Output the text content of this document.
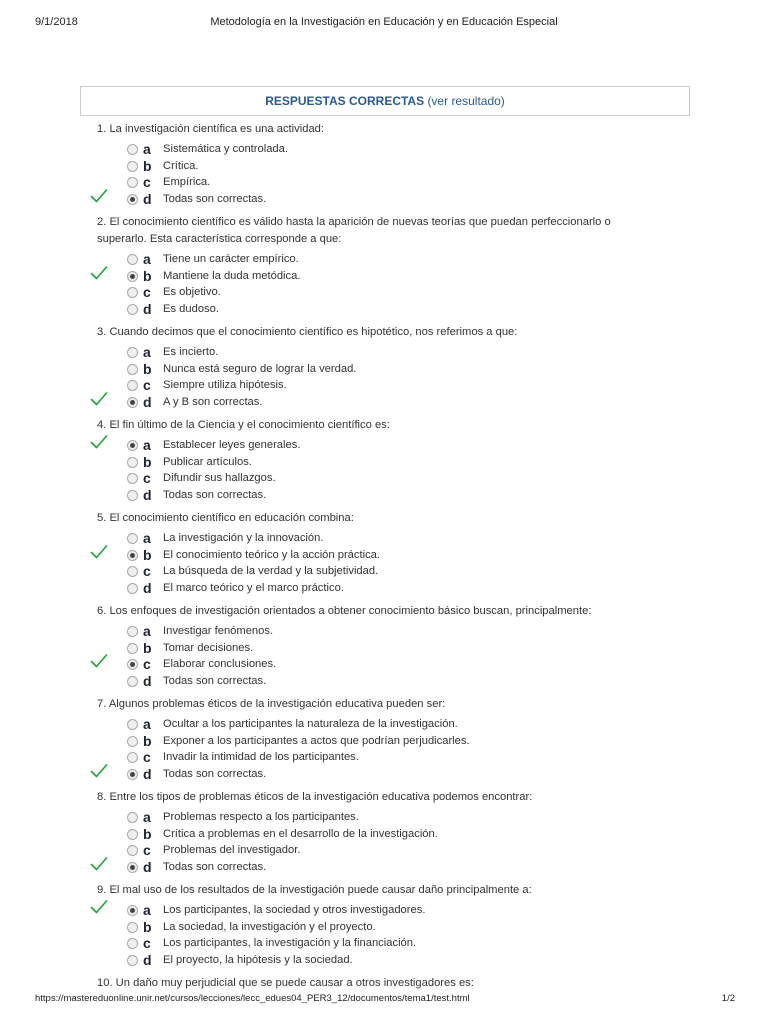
9/1/2018	Metodología en la Investigación en Educación y en Educación Especial
RESPUESTAS CORRECTAS (ver resultado)
1. La investigación científica es una actividad:
a Sistemática y controlada.
b Crítica.
c Empírica.
d Todas son correctas.
2. El conocimiento científico es válido hasta la aparición de nuevas teorías que puedan perfeccionarlo o superarlo. Esta característica corresponde a que:
a Tiene un carácter empírico.
b Mantiene la duda metódica.
c Es objetivo.
d Es dudoso.
3. Cuando decimos que el conocimiento científico es hipotético, nos referimos a que:
a Es incierto.
b Nunca está seguro de lograr la verdad.
c Siempre utiliza hipótesis.
d A y B son correctas.
4. El fin último de la Ciencia y el conocimiento científico es:
a Establecer leyes generales.
b Publicar artículos.
c Difundir sus hallazgos.
d Todas son correctas.
5. El conocimiento científico en educación combina:
a La investigación y la innovación.
b El conocimiento teórico y la acción práctica.
c La búsqueda de la verdad y la subjetividad.
d El marco teórico y el marco práctico.
6. Los enfoques de investigación orientados a obtener conocimiento básico buscan, principalmente:
a Investigar fenómenos.
b Tomar decisiones.
c Elaborar conclusiones.
d Todas son correctas.
7. Algunos problemas éticos de la investigación educativa pueden ser:
a Ocultar a los participantes la naturaleza de la investigación.
b Exponer a los participantes a actos que podrían perjudicarles.
c Invadir la intimidad de los participantes.
d Todas son correctas.
8. Entre los tipos de problemas éticos de la investigación educativa podemos encontrar:
a Problemas respecto a los participantes.
b Crítica a problemas en el desarrollo de la investigación.
c Problemas del investigador.
d Todas son correctas.
9. El mal uso de los resultados de la investigación puede causar daño principalmente a:
a Los participantes, la sociedad y otros investigadores.
b La sociedad, la investigación y el proyecto.
c Los participantes, la investigación y la financiación.
d El proyecto, la hipótesis y la sociedad.
10. Un daño muy perjudicial que se puede causar a otros investigadores es:
https://mastereduonline.unir.net/cursos/lecciones/lecc_edues04_PER3_12/documentos/tema1/test.html	1/2
